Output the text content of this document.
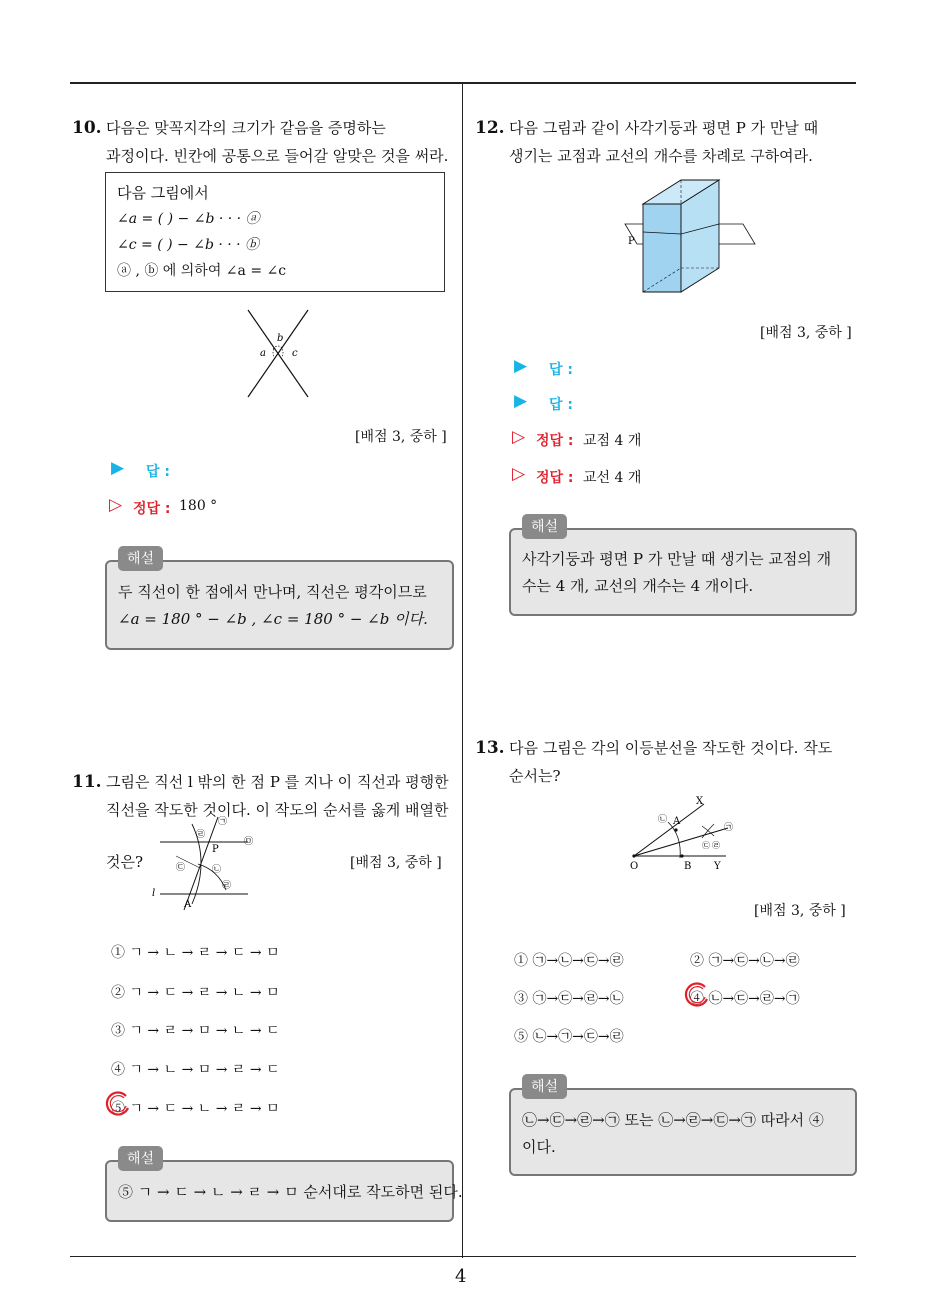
4
10. 다음은 맞꼭지각의 크기가 같음을 증명하는
과정이다. 빈칸에 공통으로 들어갈 알맞은 것을 써라.
다음 그림에서
∠a = ( ) − ∠b · · · ⓐ
∠c = ( ) − ∠b · · · ⓑ
ⓐ , ⓑ 에 의하여 ∠a = ∠c
b
a	c
[배점 3, 중하 ]
▶ 답 :
▷ 정답 : 180 °
해설
두 직선이 한 점에서 만나며, 직선은 평각이므로
∠a = 180 ° − ∠b , ∠c = 180 ° − ∠b 이다.
11. 그림은 직선 l 밖의 한 점 P 를 지나 이 직선과 평행한
직선을 작도한 것이다. 이 작도의 순서를 옳게 배열한
것은?
㉠
㉣
㉤
P
㉢	㉡
㉣
l
A
[배점 3, 중하 ]
① ㄱ → ㄴ → ㄹ → ㄷ → ㅁ
② ㄱ → ㄷ → ㄹ → ㄴ → ㅁ
③ ㄱ → ㄹ → ㅁ → ㄴ → ㄷ
④ ㄱ → ㄴ → ㅁ → ㄹ → ㄷ
⑤ ㄱ → ㄷ → ㄴ → ㄹ → ㅁ
해설
⑤ ㄱ → ㄷ → ㄴ → ㄹ → ㅁ 순서대로 작도하면 된다.
12. 다음 그림과 같이 사각기둥과 평면 P 가 만날 때
생기는 교점과 교선의 개수를 차례로 구하여라.
P
[배점 3, 중하 ]
▶ 답 :
▶ 답 :
▷ 정답 : 교점 4 개
▷ 정답 : 교선 4 개
해설
사각기둥과 평면 P 가 만날 때 생기는 교점의 개
수는 4 개, 교선의 개수는 4 개이다.
13. 다음 그림은 각의 이등분선을 작도한 것이다. 작도
순서는?
X
㉡ A
㉠
㉢ ㉣
O	B Y
[배점 3, 중하 ]
① ㉠→㉡→㉢→㉣	② ㉠→㉢→㉡→㉣
③ ㉠→㉢→㉣→㉡	④ ㉡→㉢→㉣→㉠
⑤ ㉡→㉠→㉢→㉣
해설
㉡→㉢→㉣→㉠ 또는 ㉡→㉣→㉢→㉠ 따라서 ④
이다.
